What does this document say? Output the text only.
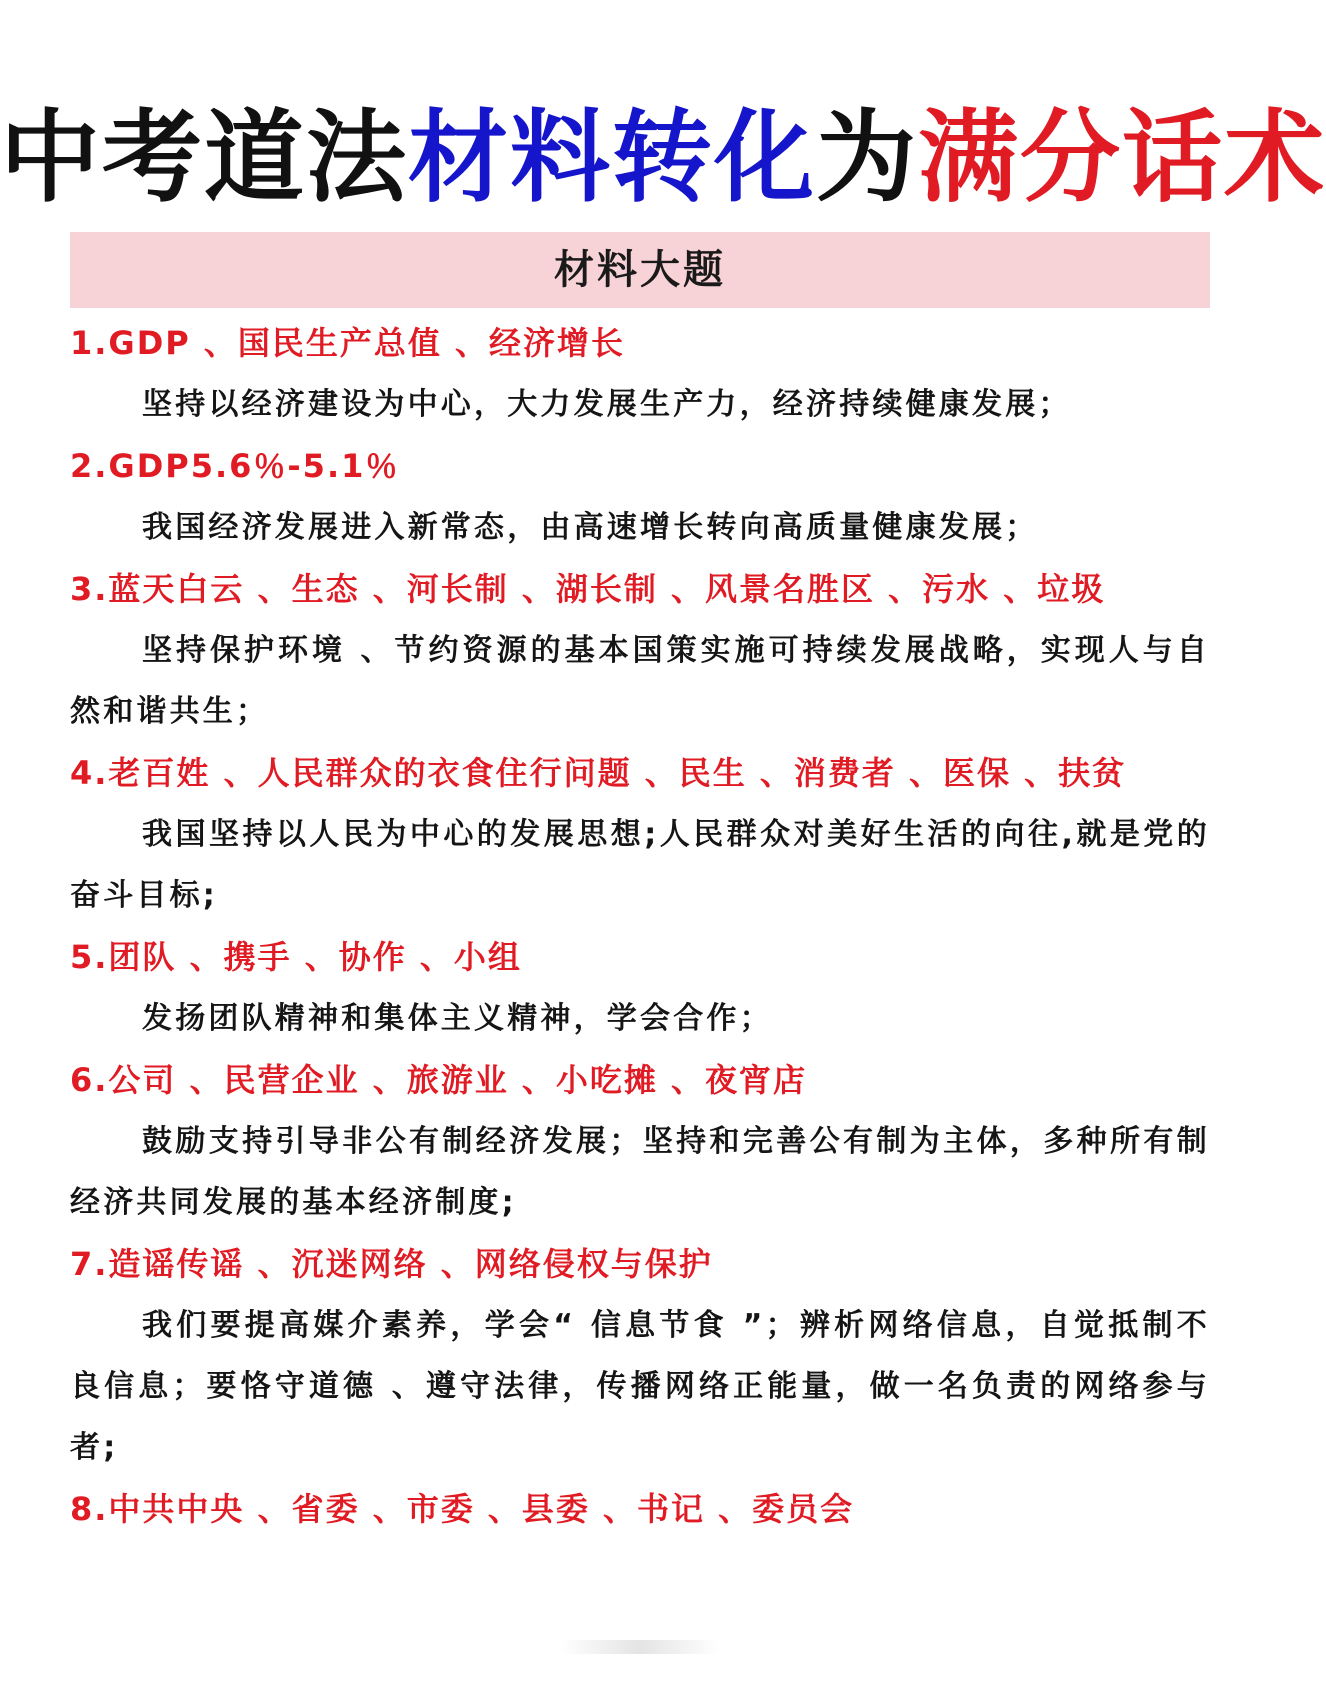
中考道法材料转化为满分话术
材料大题
1.GDP 、国民生产总值 、经济增长
坚持以经济建设为中心，大力发展生产力，经济持续健康发展；
2.GDP5.6％-5.1％
我国经济发展进入新常态，由高速增长转向高质量健康发展；
3.蓝天白云 、生态 、河长制 、湖长制 、风景名胜区 、污水 、垃圾
坚持保护环境 、节约资源的基本国策实施可持续发展战略，实现人与自然和谐共生；
4.老百姓 、人民群众的衣食住行问题 、民生 、消费者 、医保 、扶贫
我国坚持以人民为中心的发展思想;人民群众对美好生活的向往,就是党的奋斗目标;
5.团队 、携手 、协作 、小组
发扬团队精神和集体主义精神，学会合作；
6.公司 、民营企业 、旅游业 、小吃摊 、夜宵店
鼓励支持引导非公有制经济发展；坚持和完善公有制为主体，多种所有制经济共同发展的基本经济制度;
7.造谣传谣 、沉迷网络 、网络侵权与保护
我们要提高媒介素养，学会“ 信息节食 ”；辨析网络信息，自觉抵制不良信息；要恪守道德 、遵守法律，传播网络正能量，做一名负责的网络参与者;
8.中共中央 、省委 、市委 、县委 、书记 、委员会
